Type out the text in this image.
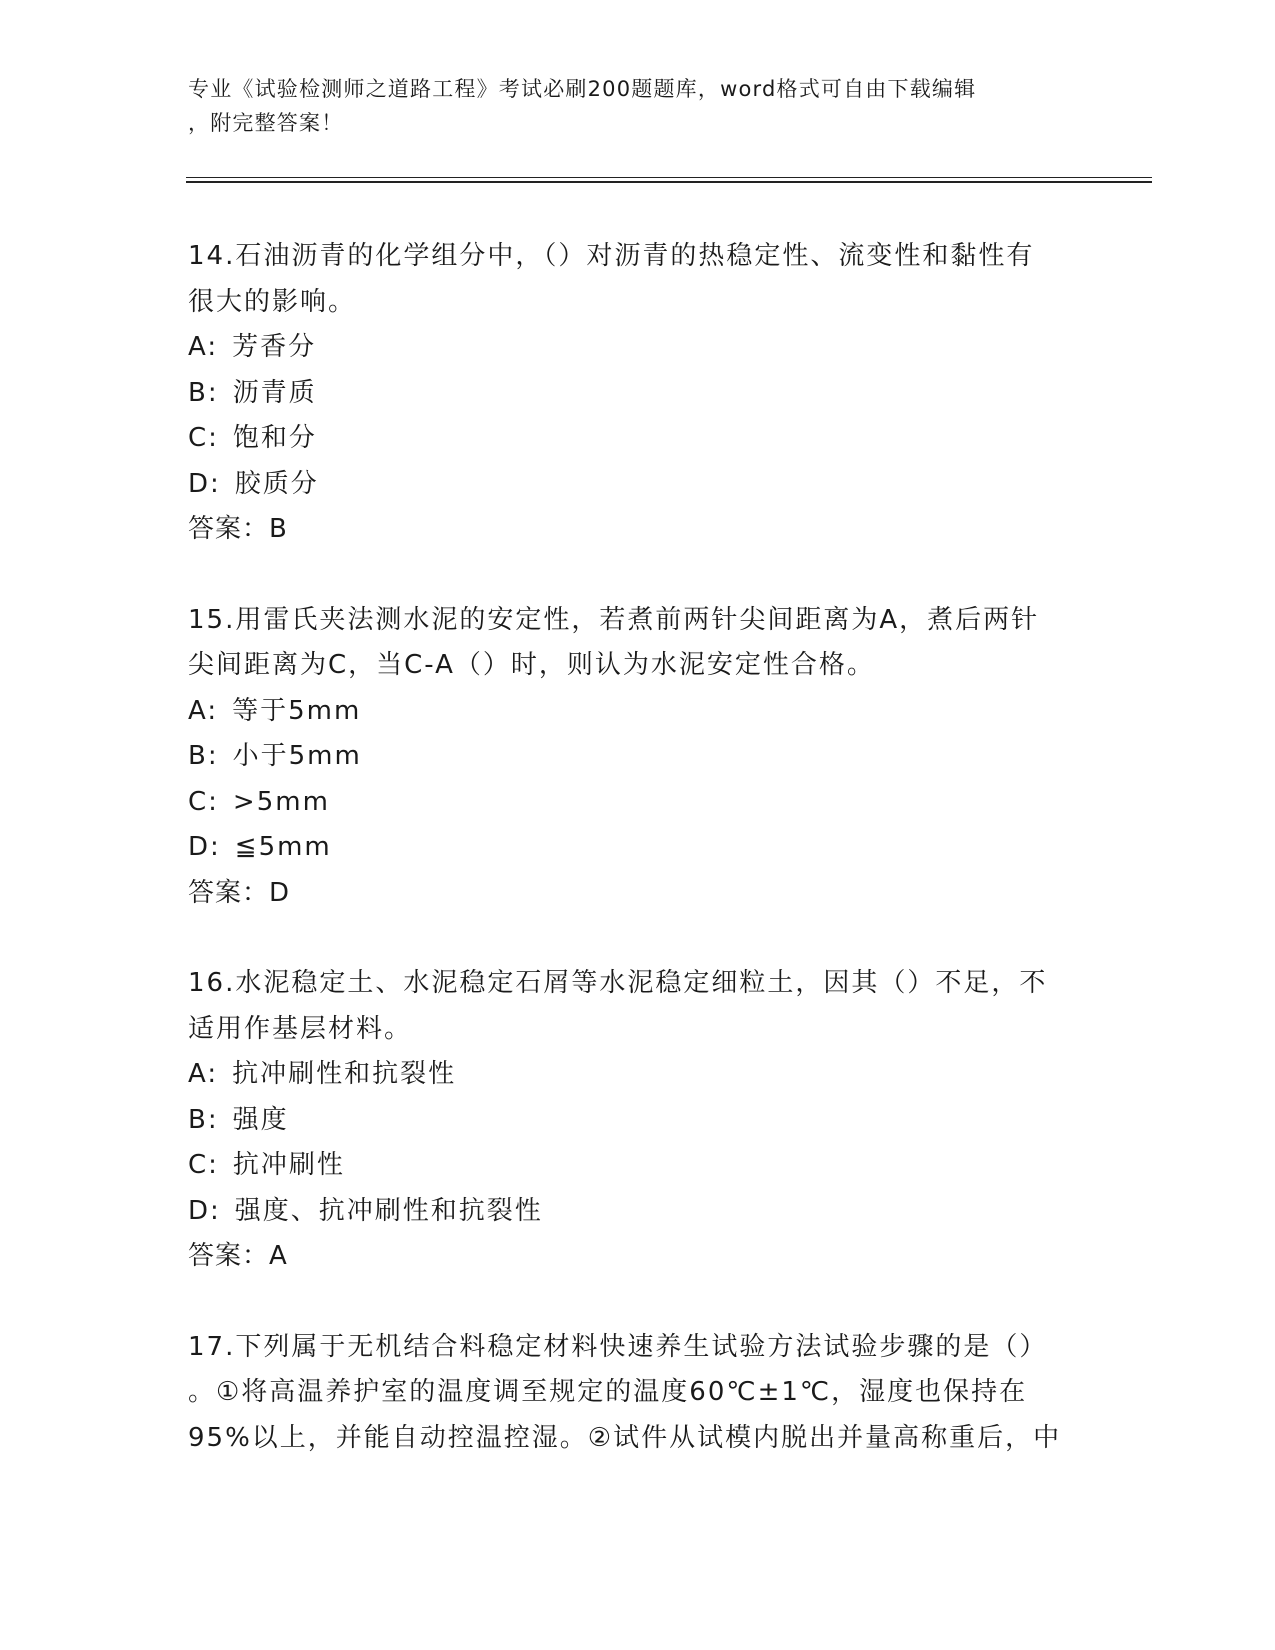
专业《试验检测师之道路工程》考试必刷200题题库，word格式可自由下载编辑
，附完整答案！
14.石油沥青的化学组分中，（）对沥青的热稳定性、流变性和黏性有
很大的影响。
A: 芳香分
B: 沥青质
C: 饱和分
D: 胶质分
答案：B
15.用雷氏夹法测水泥的安定性，若煮前两针尖间距离为A，煮后两针
尖间距离为C，当C-A（）时，则认为水泥安定性合格。
A: 等于5mm
B: 小于5mm
C: >5mm
D: ≦5mm
答案：D
16.水泥稳定土、水泥稳定石屑等水泥稳定细粒土，因其（）不足，不
适用作基层材料。
A: 抗冲刷性和抗裂性
B: 强度
C: 抗冲刷性
D: 强度、抗冲刷性和抗裂性
答案：A
17.下列属于无机结合料稳定材料快速养生试验方法试验步骤的是（）
。①将高温养护室的温度调至规定的温度60℃±1℃，湿度也保持在
95%以上，并能自动控温控湿。②试件从试模内脱出并量高称重后，中
